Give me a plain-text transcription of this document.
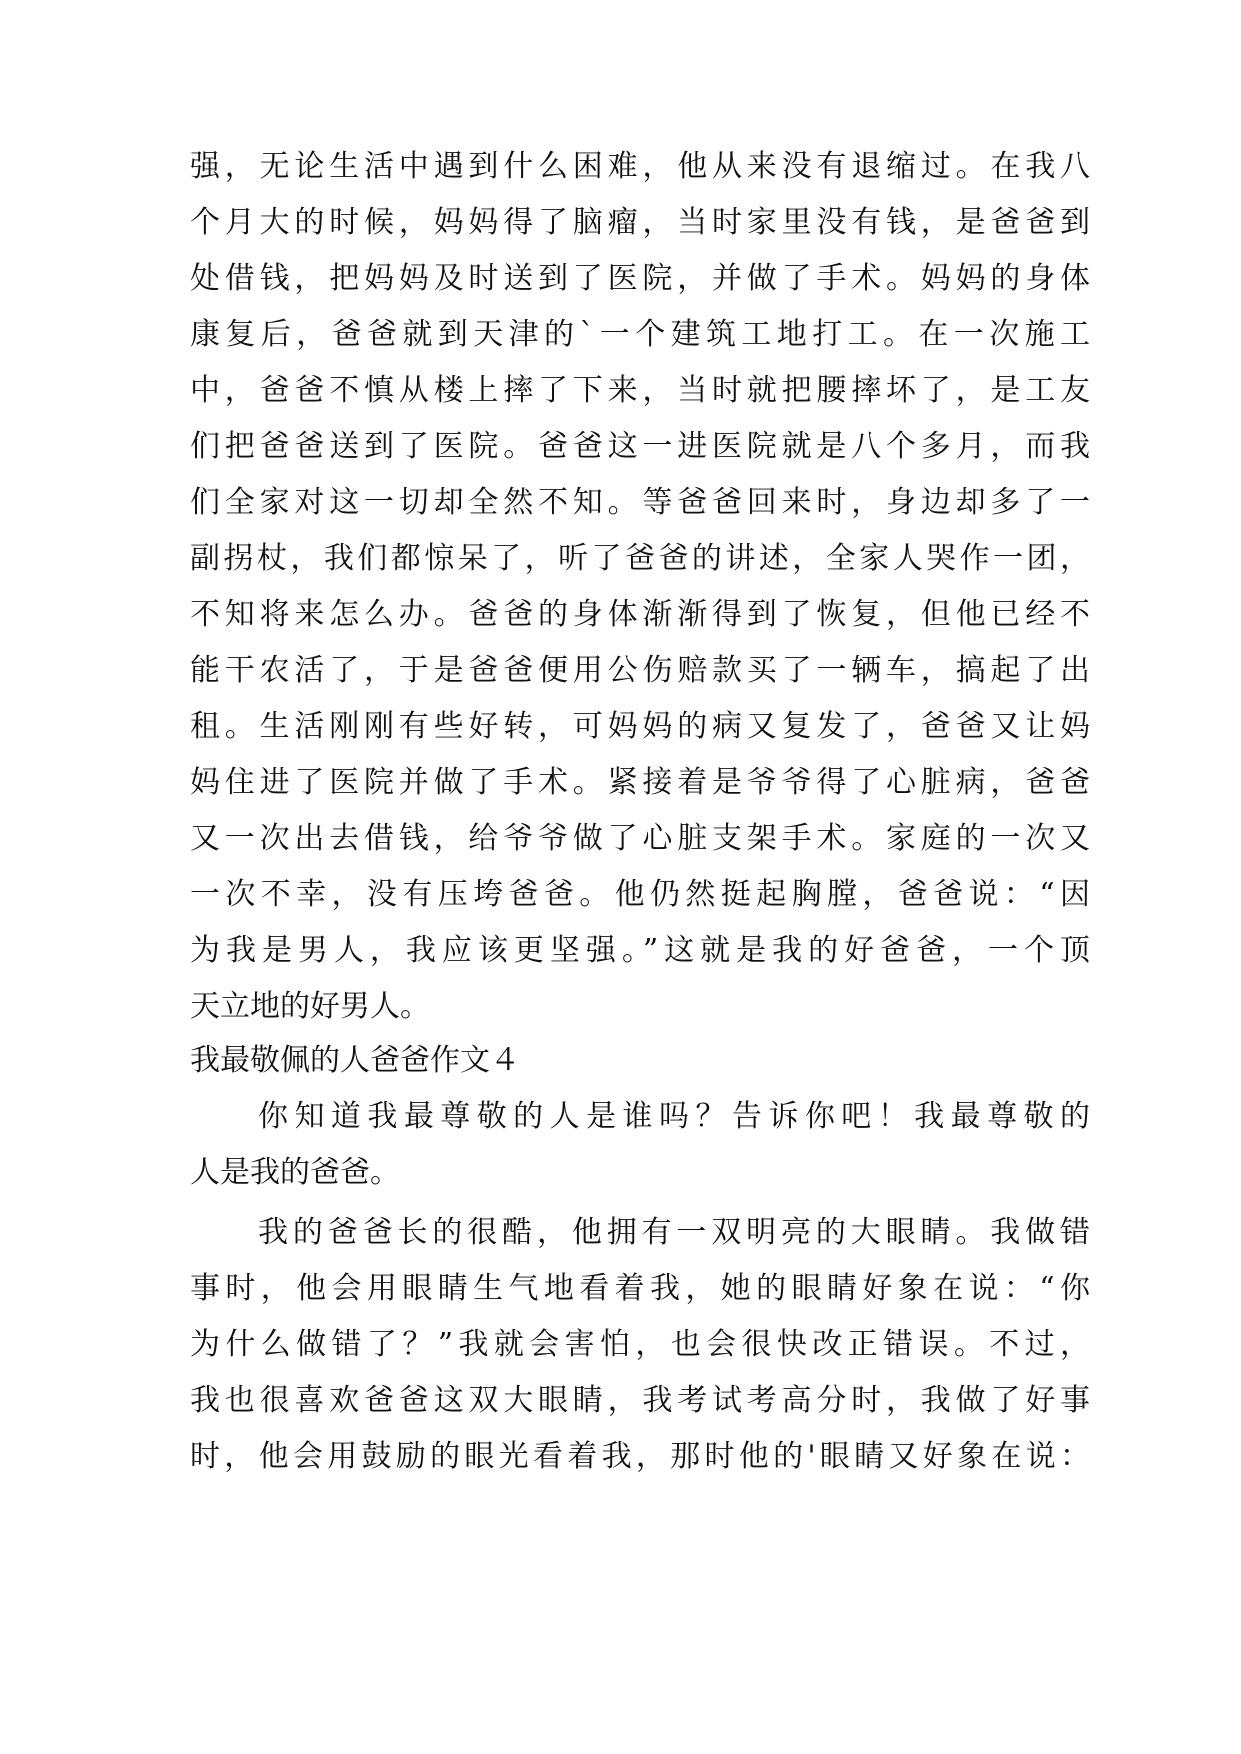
强，无论生活中遇到什么困难，他从来没有退缩过。在我八
个月大的时候，妈妈得了脑瘤，当时家里没有钱，是爸爸到
处借钱，把妈妈及时送到了医院，并做了手术。妈妈的身体
康复后，爸爸就到天津的`一个建筑工地打工。在一次施工
中，爸爸不慎从楼上摔了下来，当时就把腰摔坏了，是工友
们把爸爸送到了医院。爸爸这一进医院就是八个多月，而我
们全家对这一切却全然不知。等爸爸回来时，身边却多了一
副拐杖，我们都惊呆了，听了爸爸的讲述，全家人哭作一团，
不知将来怎么办。爸爸的身体渐渐得到了恢复，但他已经不
能干农活了，于是爸爸便用公伤赔款买了一辆车，搞起了出
租。生活刚刚有些好转，可妈妈的病又复发了，爸爸又让妈
妈住进了医院并做了手术。紧接着是爷爷得了心脏病，爸爸
又一次出去借钱，给爷爷做了心脏支架手术。家庭的一次又
一次不幸，没有压垮爸爸。他仍然挺起胸膛，爸爸说：“因
为我是男人，我应该更坚强。”这就是我的好爸爸，一个顶
天立地的好男人。
我最敬佩的人爸爸作文４
你知道我最尊敬的人是谁吗？告诉你吧！我最尊敬的
人是我的爸爸。
我的爸爸长的很酷，他拥有一双明亮的大眼睛。我做错
事时，他会用眼睛生气地看着我，她的眼睛好象在说：“你
为什么做错了？”我就会害怕，也会很快改正错误。不过，
我也很喜欢爸爸这双大眼睛，我考试考高分时，我做了好事
时，他会用鼓励的眼光看着我，那时他的'眼睛又好象在说：
